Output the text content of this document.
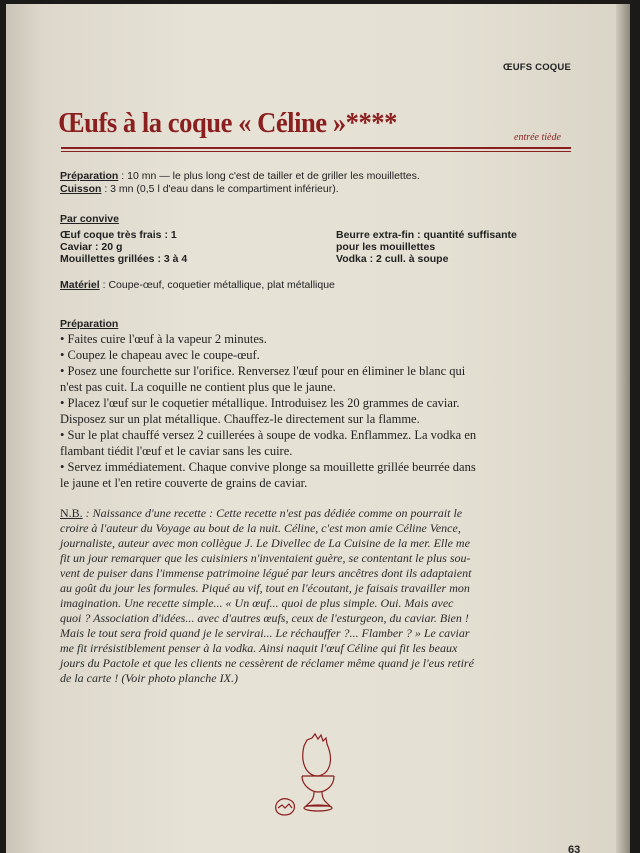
ŒUFS COQUE
Œufs à la coque « Céline »****	entrée tiède
Préparation : 10 mn — le plus long c'est de tailler et de griller les mouillettes.
Cuisson : 3 mn (0,5 l d'eau dans le compartiment inférieur).
Par convive
Œuf coque très frais : 1
Caviar : 20 g
Mouillettes grillées : 3 à 4
Beurre extra-fin : quantité suffisante
pour les mouillettes
Vodka : 2 cull. à soupe
Matériel : Coupe-œuf, coquetier métallique, plat métallique
Préparation
• Faites cuire l'œuf à la vapeur 2 minutes.
• Coupez le chapeau avec le coupe-œuf.
• Posez une fourchette sur l'orifice. Renversez l'œuf pour en éliminer le blanc qui
n'est pas cuit. La coquille ne contient plus que le jaune.
• Placez l'œuf sur le coquetier métallique. Introduisez les 20 grammes de caviar.
Disposez sur un plat métallique. Chauffez-le directement sur la flamme.
• Sur le plat chauffé versez 2 cuillerées à soupe de vodka. Enflammez. La vodka en
flambant tiédit l'œuf et le caviar sans les cuire.
• Servez immédiatement. Chaque convive plonge sa mouillette grillée beurrée dans
le jaune et l'en retire couverte de grains de caviar.
N.B. : Naissance d'une recette : Cette recette n'est pas dédiée comme on pourrait le
croire à l'auteur du Voyage au bout de la nuit. Céline, c'est mon amie Céline Vence,
journaliste, auteur avec mon collègue J. Le Divellec de La Cuisine de la mer. Elle me
fit un jour remarquer que les cuisiniers n'inventaient guère, se contentant le plus sou-
vent de puiser dans l'immense patrimoine légué par leurs ancêtres dont ils adaptaient
au goût du jour les formules. Piqué au vif, tout en l'écoutant, je faisais travailler mon
imagination. Une recette simple... « Un œuf... quoi de plus simple. Oui. Mais avec
quoi ? Association d'idées... avec d'autres œufs, ceux de l'esturgeon, du caviar. Bien !
Mais le tout sera froid quand je le servirai... Le réchauffer ?... Flamber ? » Le caviar
me fit irrésistiblement penser à la vodka. Ainsi naquit l'œuf Céline qui fit les beaux
jours du Pactole et que les clients ne cessèrent de réclamer même quand je l'eus retiré
de la carte ! (Voir photo planche IX.)
63
